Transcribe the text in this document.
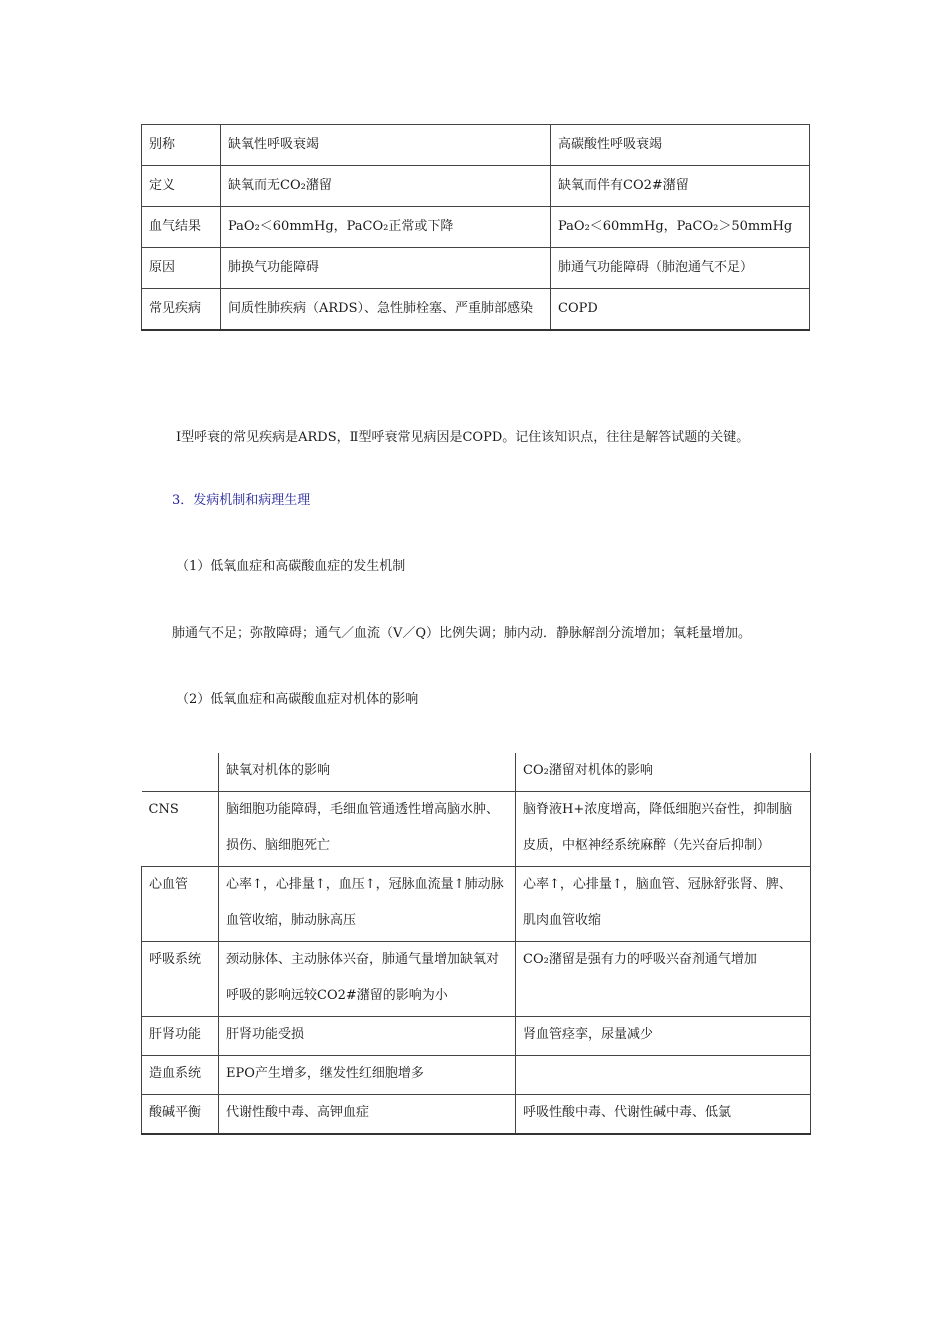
别称	缺氧性呼吸衰竭	高碳酸性呼吸衰竭
定义	缺氧而无CO₂潴留	缺氧而伴有CO2#潴留
血气结果	PaO₂＜60mmHg，PaCO₂正常或下降	PaO₂＜60mmHg，PaCO₂＞50mmHg
原因	肺换气功能障碍	肺通气功能障碍（肺泡通气不足）
常见疾病	间质性肺疾病（ARDS）、急性肺栓塞、严重肺部感染	COPD
Ⅰ型呼衰的常见疾病是ARDS，Ⅱ型呼衰常见病因是COPD。记住该知识点，往往是解答试题的关键。
3．发病机制和病理生理
（1）低氧血症和高碳酸血症的发生机制
肺通气不足；弥散障碍；通气／血流（V／Q）比例失调；肺内动．静脉解剖分流增加；氧耗量增加。
（2）低氧血症和高碳酸血症对机体的影响
	缺氧对机体的影响	CO₂潴留对机体的影响
CNS	脑细胞功能障碍，毛细血管通透性增高脑水肿、损伤、脑细胞死亡	脑脊液H+浓度增高，降低细胞兴奋性，抑制脑皮质，中枢神经系统麻醉（先兴奋后抑制）
心血管	心率↑，心排量↑，血压↑，冠脉血流量↑肺动脉血管收缩，肺动脉高压	心率↑，心排量↑，脑血管、冠脉舒张肾、脾、肌肉血管收缩
呼吸系统	颈动脉体、主动脉体兴奋，肺通气量增加缺氧对呼吸的影响远较CO2#潴留的影响为小	CO₂潴留是强有力的呼吸兴奋剂通气增加
肝肾功能	肝肾功能受损	肾血管痉挛，尿量减少
造血系统	EPO产生增多，继发性红细胞增多	
酸碱平衡	代谢性酸中毒、高钾血症	呼吸性酸中毒、代谢性碱中毒、低氯
